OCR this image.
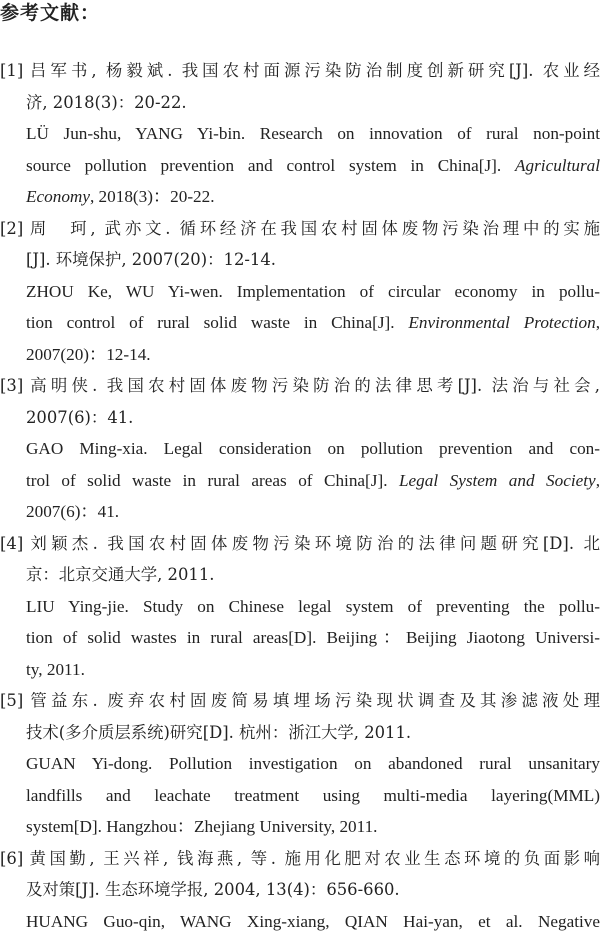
参考文献：
[1] 吕军书, 杨毅斌. 我国农村面源污染防治制度创新研究[J]. 农业经
济, 2018(3)：20-22.
LÜ Jun-shu, YANG Yi-bin. Research on innovation of rural non-point
source pollution prevention and control system in China[J]. Agricultural
Economy, 2018(3)：20-22.
[2] 周　珂, 武亦文. 循环经济在我国农村固体废物污染治理中的实施
[J]. 环境保护, 2007(20)：12-14.
ZHOU Ke, WU Yi-wen. Implementation of circular economy in pollu-
tion control of rural solid waste in China[J]. Environmental Protection,
2007(20)：12-14.
[3] 高明侠. 我国农村固体废物污染防治的法律思考[J]. 法治与社会,
2007(6)：41.
GAO Ming-xia. Legal consideration on pollution prevention and con-
trol of solid waste in rural areas of China[J]. Legal System and Society,
2007(6)：41.
[4] 刘颖杰. 我国农村固体废物污染环境防治的法律问题研究[D]. 北
京：北京交通大学, 2011.
LIU Ying-jie. Study on Chinese legal system of preventing the pollu-
tion of solid wastes in rural areas[D]. Beijing：Beijing Jiaotong Universi-
ty, 2011.
[5] 管益东. 废弃农村固废简易填埋场污染现状调查及其渗滤液处理
技术(多介质层系统)研究[D]. 杭州：浙江大学, 2011.
GUAN Yi-dong. Pollution investigation on abandoned rural unsanitary
landfills and leachate treatment using multi-media layering(MML)
system[D]. Hangzhou：Zhejiang University, 2011.
[6] 黄国勤, 王兴祥, 钱海燕, 等. 施用化肥对农业生态环境的负面影响
及对策[J]. 生态环境学报, 2004, 13(4)：656-660.
HUANG Guo-qin, WANG Xing-xiang, QIAN Hai-yan, et al. Negative
